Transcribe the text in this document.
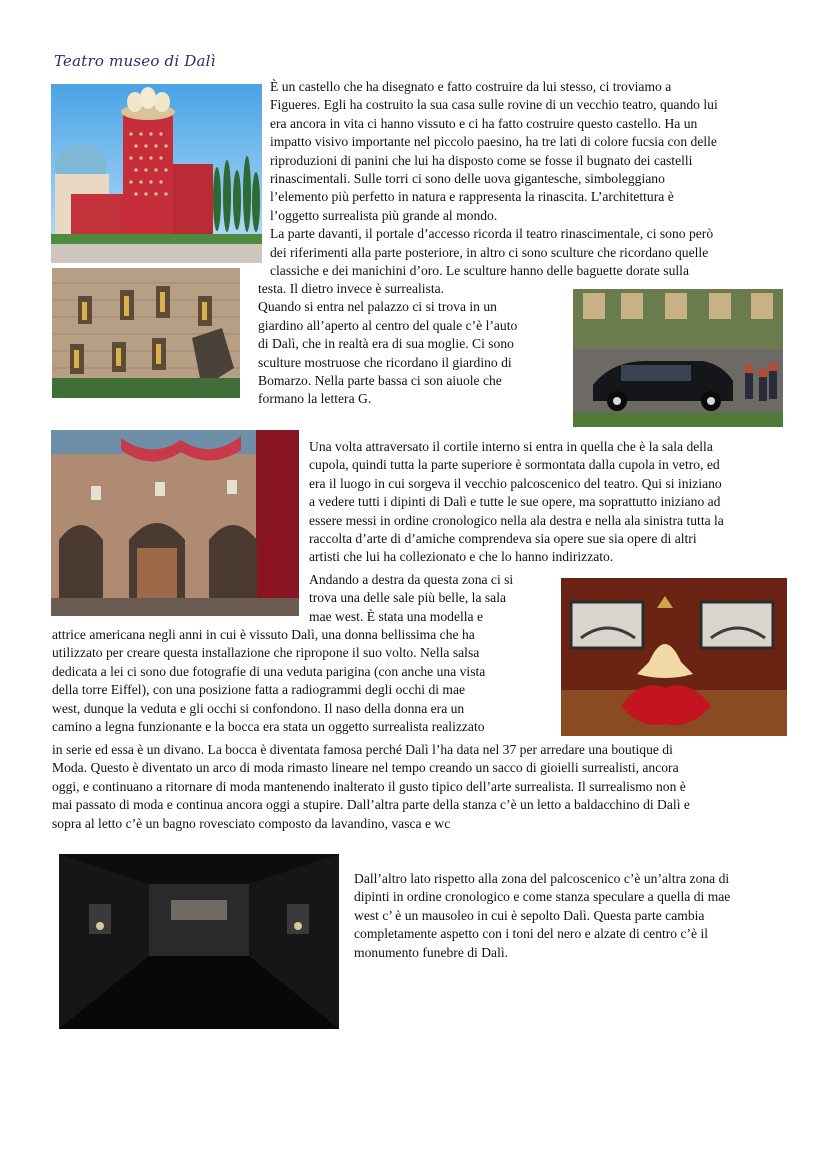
Teatro museo di Dalì
È un castello che ha disegnato e fatto costruire da lui stesso, ci troviamo a
Figueres. Egli ha costruito la sua casa sulle rovine di un vecchio teatro, quando lui
era ancora in vita ci hanno vissuto e ci ha fatto costruire questo castello. Ha un
impatto visivo importante nel piccolo paesino, ha tre lati di colore fucsia con delle
riproduzioni di panini che lui ha disposto come se fosse il bugnato dei castelli
rinascimentali. Sulle torri ci sono delle uova gigantesche, simboleggiano
l’elemento più perfetto in natura e rappresenta la rinascita. L’architettura è
l’oggetto surrealista più grande al mondo.
La parte davanti, il portale d’accesso ricorda il teatro rinascimentale, ci sono però
dei riferimenti alla parte posteriore, in altro ci sono sculture che ricordano quelle
classiche e dei manichini d’oro. Le sculture hanno delle baguette dorate sulla
testa. Il dietro invece è surrealista.
Quando si entra nel palazzo ci si trova in un
giardino all’aperto al centro del quale c’è l’auto
di Dalì, che in realtà era di sua moglie. Ci sono
sculture mostruose che ricordano il giardino di
Bomarzo. Nella parte bassa ci son aiuole che
formano la lettera G.
Una volta attraversato il cortile interno si entra in quella che è la sala della
cupola, quindi tutta la parte superiore è sormontata dalla cupola in vetro, ed
era il luogo in cui sorgeva il vecchio palcoscenico del teatro. Qui si iniziano
a vedere tutti i dipinti di Dalì e tutte le sue opere, ma soprattutto iniziano ad
essere messi in ordine cronologico nella ala destra e nella ala sinistra tutta la
raccolta d’arte di d’amiche comprendeva sia opere sue sia opere di altri
artisti che lui ha collezionato e che lo hanno indirizzato.
Andando a destra da questa zona ci si
trova una delle sale più belle, la sala
mae west. È stata una modella e
attrice americana negli anni in cui è vissuto Dalì, una donna bellissima che ha
utilizzato per creare questa installazione che ripropone il suo volto. Nella salsa
dedicata a lei ci sono due fotografie di una veduta parigina (con anche una vista
della torre Eiffel), con una posizione fatta a radiogrammi degli occhi di mae
west, dunque la veduta e gli occhi si confondono. Il naso della donna era un
camino a legna funzionante e la bocca era stata un oggetto surrealista realizzato
in serie ed essa è un divano. La bocca è diventata famosa perché Dalì l’ha data nel 37 per arredare una boutique di
Moda. Questo è diventato un arco di moda rimasto lineare nel tempo creando un sacco di gioielli surrealisti, ancora
oggi, e continuano a ritornare di moda mantenendo inalterato il gusto tipico dell’arte surrealista. Il surrealismo non è
mai passato di moda e continua ancora oggi a stupire. Dall’altra parte della stanza c’è un letto a baldacchino di Dalì e
sopra al letto c’è un bagno rovesciato composto da lavandino, vasca e wc
Dall’altro lato rispetto alla zona del palcoscenico c’è un’altra zona di
dipinti in ordine cronologico e come stanza speculare a quella di mae
west c’ è un mausoleo in cui è sepolto Dalì. Questa parte cambia
completamente aspetto con i toni del nero e alzate di centro c’è il
monumento funebre di Dalì.
